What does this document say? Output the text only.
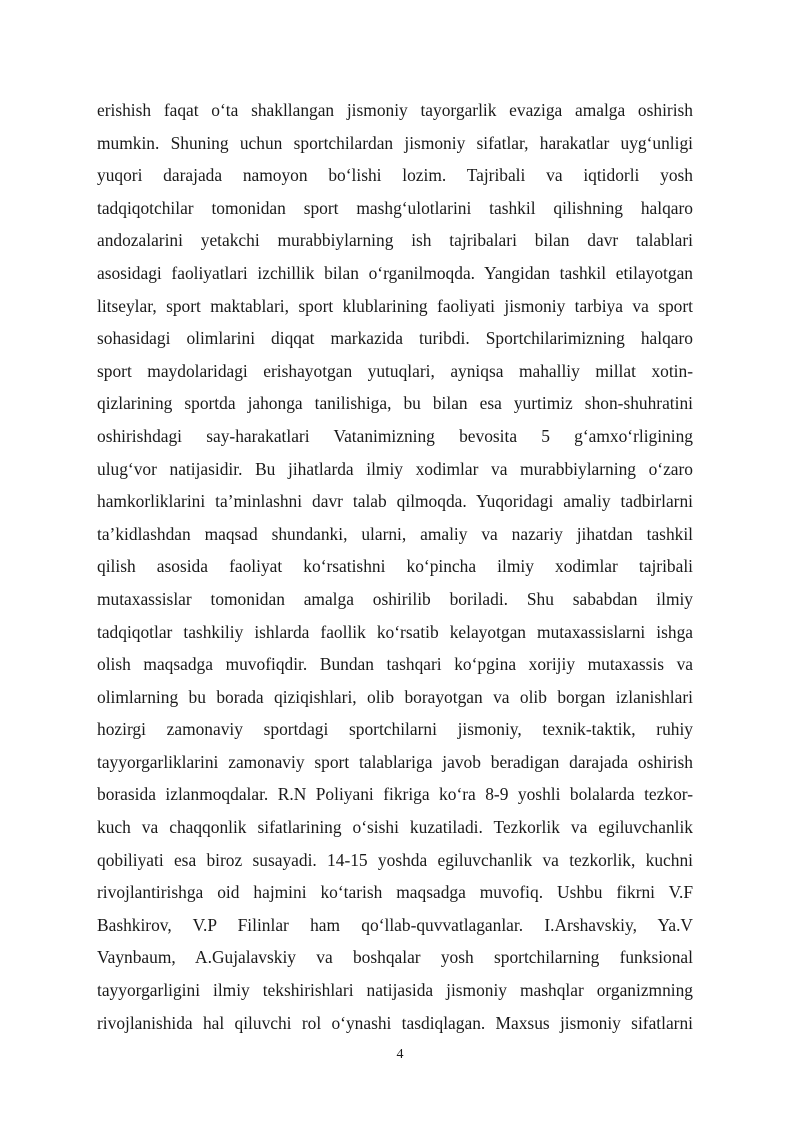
erishish faqat o‘ta shakllangan jismoniy tayorgarlik evaziga amalga oshirish
mumkin. Shuning uchun sportchilardan jismoniy sifatlar, harakatlar uyg‘unligi
yuqori darajada namoyon bo‘lishi lozim. Tajribali va iqtidorli yosh
tadqiqotchilar tomonidan sport mashg‘ulotlarini tashkil qilishning halqaro
andozalarini yetakchi murabbiylarning ish tajribalari bilan davr talablari
asosidagi faoliyatlari izchillik bilan o‘rganilmoqda. Yangidan tashkil etilayotgan
litseylar, sport maktablari, sport klublarining faoliyati jismoniy tarbiya va sport
sohasidagi olimlarini diqqat markazida turibdi. Sportchilarimizning halqaro
sport maydolaridagi erishayotgan yutuqlari, ayniqsa mahalliy millat xotin-
qizlarining sportda jahonga tanilishiga, bu bilan esa yurtimiz shon-shuhratini
oshirishdagi say-harakatlari Vatanimizning bevosita 5 g‘amxo‘rligining
ulug‘vor natijasidir. Bu jihatlarda ilmiy xodimlar va murabbiylarning o‘zaro
hamkorliklarini ta’minlashni davr talab qilmoqda. Yuqoridagi amaliy tadbirlarni
ta’kidlashdan maqsad shundanki, ularni, amaliy va nazariy jihatdan tashkil
qilish asosida faoliyat ko‘rsatishni ko‘pincha ilmiy xodimlar tajribali
mutaxassislar tomonidan amalga oshirilib boriladi. Shu sababdan ilmiy
tadqiqotlar tashkiliy ishlarda faollik ko‘rsatib kelayotgan mutaxassislarni ishga
olish maqsadga muvofiqdir. Bundan tashqari ko‘pgina xorijiy mutaxassis va
olimlarning bu borada qiziqishlari, olib borayotgan va olib borgan izlanishlari
hozirgi zamonaviy sportdagi sportchilarni jismoniy, texnik-taktik, ruhiy
tayyorgarliklarini zamonaviy sport talablariga javob beradigan darajada oshirish
borasida izlanmoqdalar. R.N Poliyani fikriga ko‘ra 8-9 yoshli bolalarda tezkor-
kuch va chaqqonlik sifatlarining o‘sishi kuzatiladi. Tezkorlik va egiluvchanlik
qobiliyati esa biroz susayadi. 14-15 yoshda egiluvchanlik va tezkorlik, kuchni
rivojlantirishga oid hajmini ko‘tarish maqsadga muvofiq. Ushbu fikrni V.F
Bashkirov, V.P Filinlar ham qo‘llab-quvvatlaganlar. I.Arshavskiy, Ya.V
Vaynbaum, A.Gujalavskiy va boshqalar yosh sportchilarning funksional
tayyorgarligini ilmiy tekshirishlari natijasida jismoniy mashqlar organizmning
rivojlanishida hal qiluvchi rol o‘ynashi tasdiqlagan. Maxsus jismoniy sifatlarni
4
